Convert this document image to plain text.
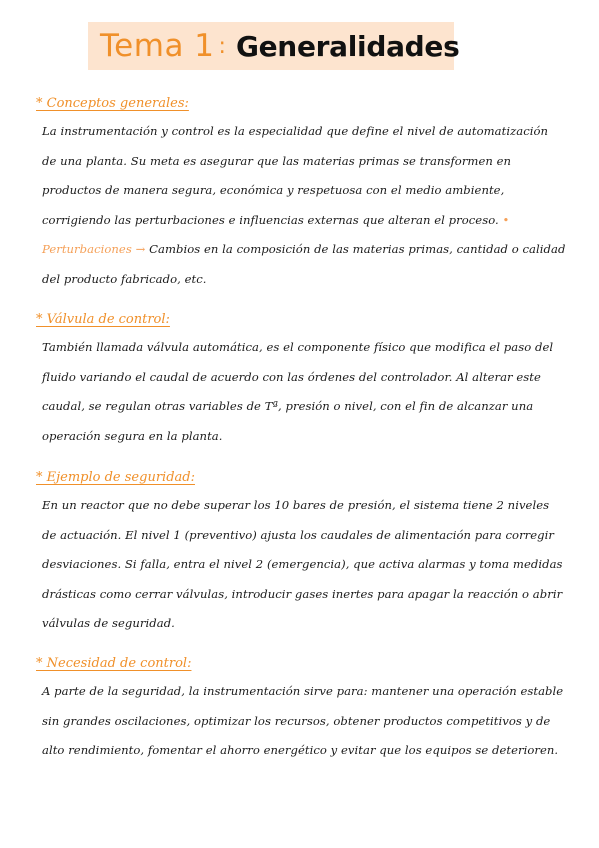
Tema 1 : Generalidades
* Conceptos generales:

La instrumentación y control es la especialidad que define el nivel de automatización de una planta. Su meta es asegurar que las materias primas se transformen en productos de manera segura, económica y respetuosa con el medio ambiente, corrigiendo las perturbaciones e influencias externas que alteran el proceso. • Perturbaciones → Cambios en la composición de las materias primas, cantidad o calidad del producto fabricado, etc.

* Válvula de control:

También llamada válvula automática, es el componente físico que modifica el paso del fluido variando el caudal de acuerdo con las órdenes del controlador. Al alterar este caudal, se regulan otras variables de Tª, presión o nivel, con el fin de alcanzar una operación segura en la planta.

* Ejemplo de seguridad:

En un reactor que no debe superar los 10 bares de presión, el sistema tiene 2 niveles de actuación. El nivel 1 (preventivo) ajusta los caudales de alimentación para corregir desviaciones. Si falla, entra el nivel 2 (emergencia), que activa alarmas y toma medidas drásticas como cerrar válvulas, introducir gases inertes para apagar la reacción o abrir válvulas de seguridad.

* Necesidad de control:

A parte de la seguridad, la instrumentación sirve para: mantener una operación estable sin grandes oscilaciones, optimizar los recursos, obtener productos competitivos y de alto rendimiento, fomentar el ahorro energético y evitar que los equipos se deterioren.
